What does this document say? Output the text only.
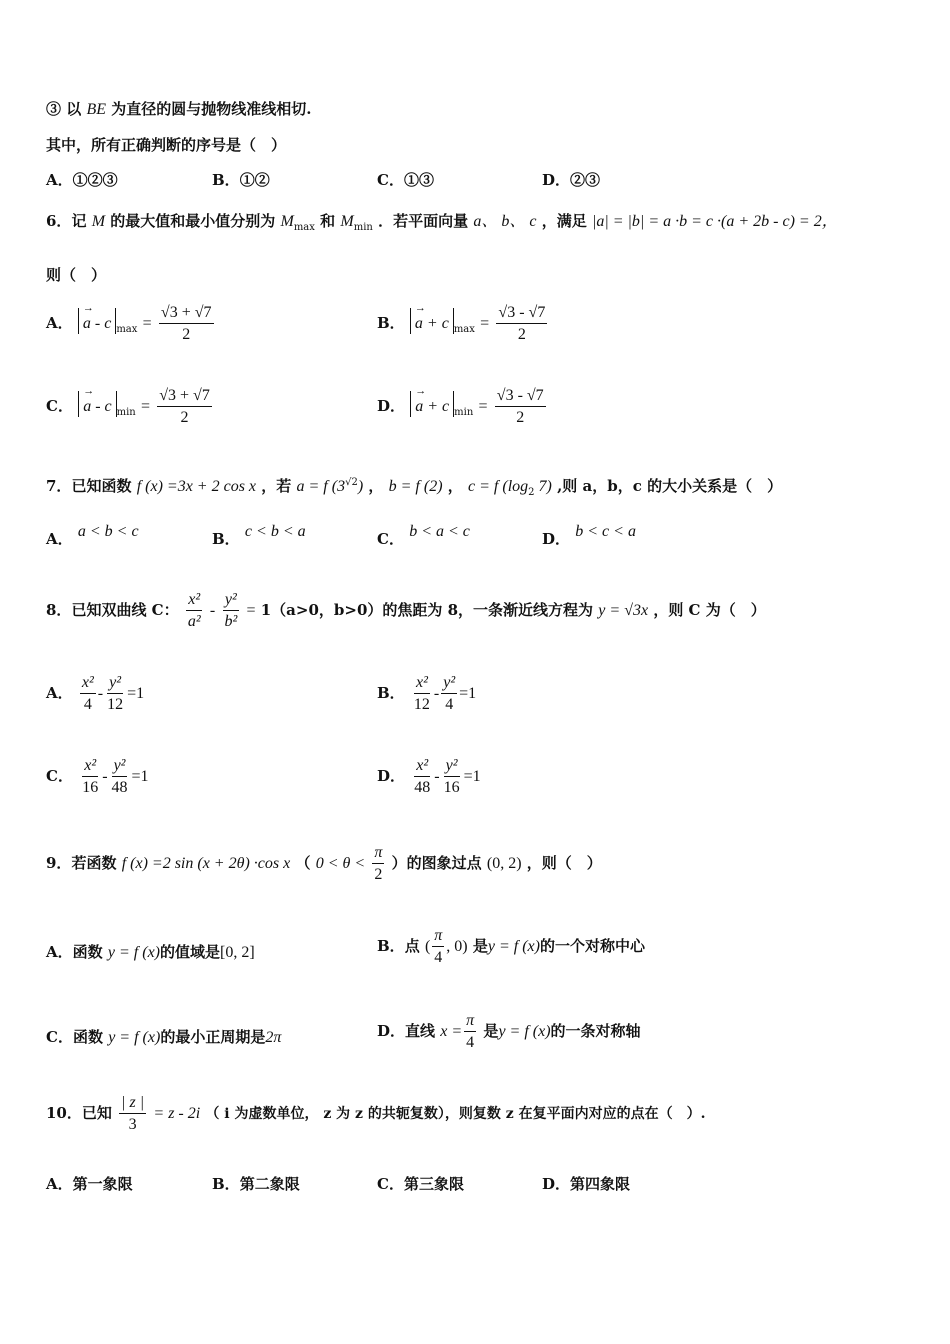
③ 以 BE 为直径的圆与抛物线准线相切.
其中，所有正确判断的序号是（　）
A．①②③	B．①②	C．①③	D．②③
6．记 M 的最大值和最小值分别为 $M_{max}$ 和 $M_{min}$ ．若平面向量 a、 b、 c ，满足 |a| = |b| = a ·b = c ·(a + 2b - c) = 2，
则（　）
A． → a - c $_{max} = \frac{√3 + √7}{2}$	B． → a + c $_{max} = \frac{√3 - √7}{2}$
C． → a - c $_{min} = \frac{√3 + √7}{2}$	D． → a + c $_{min} = \frac{√3 - √7}{2}$
7．已知函数 f (x) =3x + 2 cos x ，若 a = f $(3^{√2})$ ， b = f (2) ， c = f ($\log_2$ 7) ,则 a，b，c 的大小关系是（　）
A． a < b < c	B． c < b < a	C． b < a < c	D． b < c < a
8．已知双曲线 C： $\frac{\text{x²}}{\text{a²}} - \frac{\text{y²}}{\text{b²}} = 1(a>0$，b>0）的焦距为 8，一条渐近线方程为 y = √3x ，则 C 为（　）
A． $\frac{\text{x²}}{4} - \frac{\text{y²}}{12} =1$	B． $\frac{\text{x²}}{12} - \frac{\text{y²}}{4} =1$
C． $\frac{\text{x²}}{16} - \frac{\text{y²}}{48} =1$	D． $\frac{\text{x²}}{48} - \frac{\text{y²}}{16} =1$
9．若函数 f (x) =2 sin (x + 2θ) ·cos x （ $0 < \theta < \frac{\pi}{2}$ ）的图象过点 (0, 2) ，则（　）
A．函数 y = f (x)的值域是[0, 2]	B．点 ( $\frac{\pi}{4}$ , 0) 是y = f (x)的一个对称中心
C．函数 y = f (x)的最小正周期是2π	D．直线 $x = \frac{\pi}{4}$ 是y = f (x)的一条对称轴
10．已知 $\frac{| z |}{3} = z - 2i$ （ i 为虚数单位， z 为 z 的共轭复数），则复数 z 在复平面内对应的点在（　）.
A．第一象限	B．第二象限	C．第三象限	D．第四象限
